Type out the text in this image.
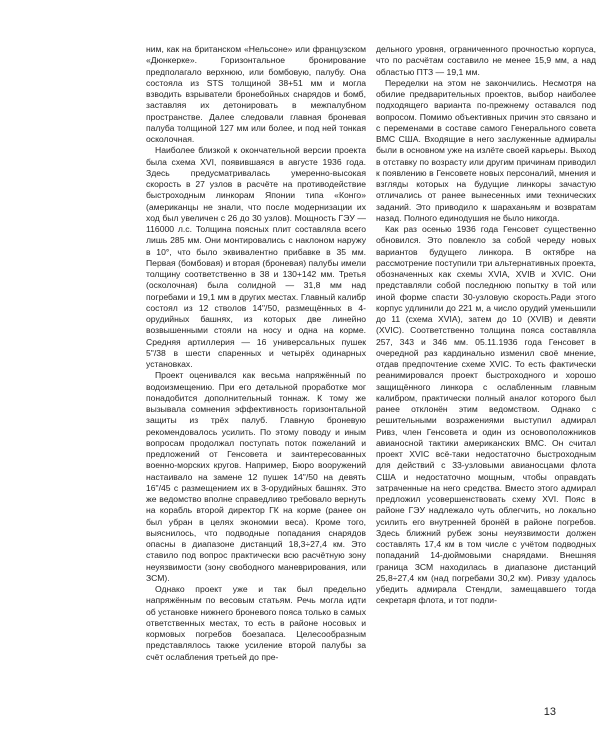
ним, как на британском «Нельсоне» или французском «Дюнкерке». Горизонтальное бронирование предполагало верхнюю, или бомбовую, палубу. Она состояла из STS толщиной 38+51 мм и могла взводить взрыватели бронебойных снарядов и бомб, заставляя их детонировать в межпалубном пространстве. Далее следовали главная броневая палуба толщиной 127 мм или более, и под ней тонкая осколочная.

Наиболее близкой к окончательной версии проекта была схема XVI, появившаяся в августе 1936 года. Здесь предусматривалась умеренно-высокая скорость в 27 узлов в расчёте на противодействие быстроходным линкорам Японии типа «Конго» (американцы не знали, что после модернизации их ход был увеличен с 26 до 30 узлов). Мощность ГЭУ — 116000 л.с. Толщина поясных плит составляла всего лишь 285 мм. Они монтировались с наклоном наружу в 10°, что было эквивалентно прибавке в 35 мм. Первая (бомбовая) и вторая (броневая) палубы имели толщину соответственно в 38 и 130+142 мм. Третья (осколочная) была солидной — 31,8 мм над погребами и 19,1 мм в других местах. Главный калибр состоял из 12 стволов 14"/50, размещённых в 4-орудийных башнях, из которых две линейно возвышенными стояли на носу и одна на корме. Средняя артиллерия — 16 универсальных пушек 5"/38 в шести спаренных и четырёх одинарных установках.

Проект оценивался как весьма напряжённый по водоизмещению. При его детальной проработке мог понадобится дополнительный тоннаж. К тому же вызывала сомнения эффективность горизонтальной защиты из трёх палуб. Главную броневую рекомендовалось усилить. По этому поводу и иным вопросам продолжал поступать поток пожеланий и предложений от Генсовета и заинтересованных военно-морских кругов. Например, Бюро вооружений настаивало на замене 12 пушек 14"/50 на девять 16"/45 с размещением их в 3-орудийных башнях. Это же ведомство вполне справедливо требовало вернуть на корабль второй директор ГК на корме (ранее он был убран в целях экономии веса). Кроме того, выяснилось, что подводные попадания снарядов опасны в диапазоне дистанций 18,3÷27,4 км. Это ставило под вопрос практически всю расчётную зону неуязвимости (зону свободного маневрирования, или ЗСМ).

Однако проект уже и так был предельно напряжённым по весовым статьям. Речь могла идти об установке нижнего броневого пояса только в самых ответственных местах, то есть в районе носовых и кормовых погребов боезапаса. Целесообразным представлялось также усиление второй палубы за счёт ослабления третьей до пре-

дельного уровня, ограниченного прочностью корпуса, что по расчётам составило не менее 15,9 мм, а над областью ПТЗ — 19,1 мм.

Переделки на этом не закончились. Несмотря на обилие предварительных проектов, выбор наиболее подходящего варианта по-прежнему оставался под вопросом. Помимо объективных причин это связано и с переменами в составе самого Генерального совета ВМС США. Входящие в него заслуженные адмиралы были в основном уже на излёте своей карьеры. Выход в отставку по возрасту или другим причинам приводил к появлению в Генсовете новых персоналий, мнения и взгляды которых на будущие линкоры зачастую отличались от ранее вынесенных ими технических заданий. Это приводило к шараханьям и возвратам назад. Полного единодушия не было никогда.

Как раз осенью 1936 года Генсовет существенно обновился. Это повлекло за собой череду новых вариантов будущего линкора. В октябре на рассмотрение поступили три альтернативных проекта, обозначенных как схемы XVIA, XVIB и XVIC. Они представляли собой последнюю попытку в той или иной форме спасти 30-узловую скорость.Ради этого корпус удлинили до 221 м, а число орудий уменьшили до 11 (схема XVIA), затем до 10 (XVIB) и девяти (XVIC). Соответственно толщина пояса составляла 257, 343 и 346 мм. 05.11.1936 года Генсовет в очередной раз кардинально изменил своё мнение, отдав предпочтение схеме XVIC. То есть фактически реанимировался проект быстроходного и хорошо защищённого линкора с ослабленным главным калибром, практически полный аналог которого был ранее отклонён этим ведомством. Однако с решительными возражениями выступил адмирал Ривз, член Генсовета и один из основоположников авианосной тактики американских ВМС. Он считал проект XVIC всё-таки недостаточно быстроходным для действий с 33-узловыми авианосцами флота США и недостаточно мощным, чтобы оправдать затраченные на него средства. Вместо этого адмирал предложил усовершенствовать схему XVI. Пояс в районе ГЭУ надлежало чуть облегчить, но локально усилить его внутренней бронёй в районе погребов. Здесь ближний рубеж зоны неуязвимости должен составлять 17,4 км в том числе с учётом подводных попаданий 14-дюймовыми снарядами. Внешняя граница ЗСМ находилась в диапазоне дистанций 25,8÷27,4 км (над погребами 30,2 км). Ривзу удалось убедить адмирала Стендли, замещавшего тогда секретаря флота, и тот подпи-

13
